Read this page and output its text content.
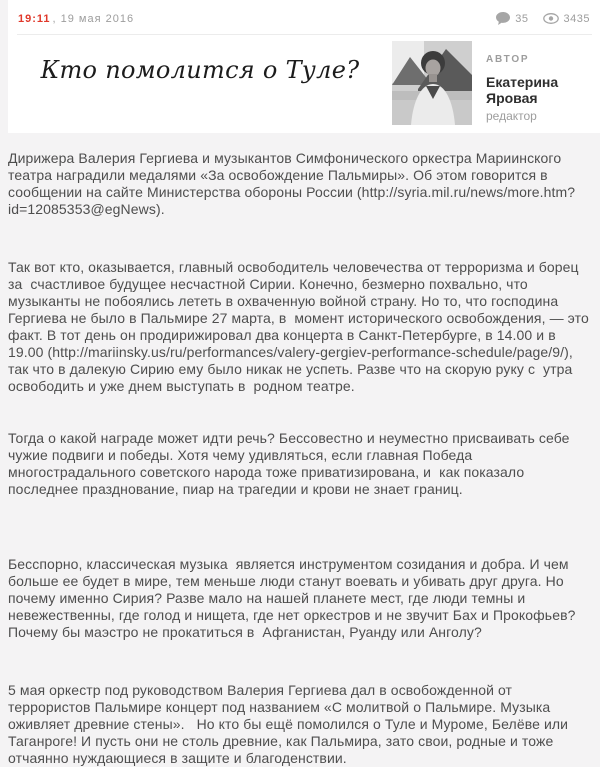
19:11 , 19 мая 2016	35	3435
Кто помолится о Туле?	АВТОР
Екатерина Яровая
редактор

Дирижера Валерия Гергиева и музыкантов Симфонического оркестра Мариинского театра наградили медалями «За освобождение Пальмиры». Об этом говорится в сообщении на сайте Министерства обороны России (http://syria.mil.ru/news/more.htm?id=12085353@egNews).

Так вот кто, оказывается, главный освободитель человечества от терроризма и борец за  счастливое будущее несчастной Сирии. Конечно, безмерно похвально, что музыканты не побоялись лететь в охваченную войной страну. Но то, что господина Гергиева не было в Пальмире 27 марта, в  момент исторического освобождения, — это факт. В тот день он продирижировал два концерта в Санкт-Петербурге, в 14.00 и в 19.00 (http://mariinsky.us/ru/performances/valery-gergiev-performance-schedule/page/9/), так что в далекую Сирию ему было никак не успеть. Разве что на скорую руку с  утра освободить и уже днем выступать в  родном театре.

Тогда о какой награде может идти речь? Бессовестно и неуместно присваивать себе чужие подвиги и победы. Хотя чему удивляться, если главная Победа многострадального советского народа тоже приватизирована, и  как показало последнее празднование, пиар на трагедии и крови не знает границ.

Бесспорно, классическая музыка  является инструментом созидания и добра. И чем больше ее будет в мире, тем меньше люди станут воевать и убивать друг друга. Но почему именно Сирия? Разве мало на нашей планете мест, где люди темны и невежественны, где голод и нищета, где нет оркестров и не звучит Бах и Прокофьев? Почему бы маэстро не прокатиться в  Афганистан, Руанду или Анголу?

5 мая оркестр под руководством Валерия Гергиева дал в освобожденной от террористов Пальмире концерт под названием «С молитвой о Пальмире. Музыка оживляет древние стены».   Но кто бы ещё помолился о Туле и Муроме, Белёве или Таганроге! И пусть они не столь древние, как Пальмира, зато свои, родные и тоже отчаянно нуждающиеся в защите и благоденствии.
